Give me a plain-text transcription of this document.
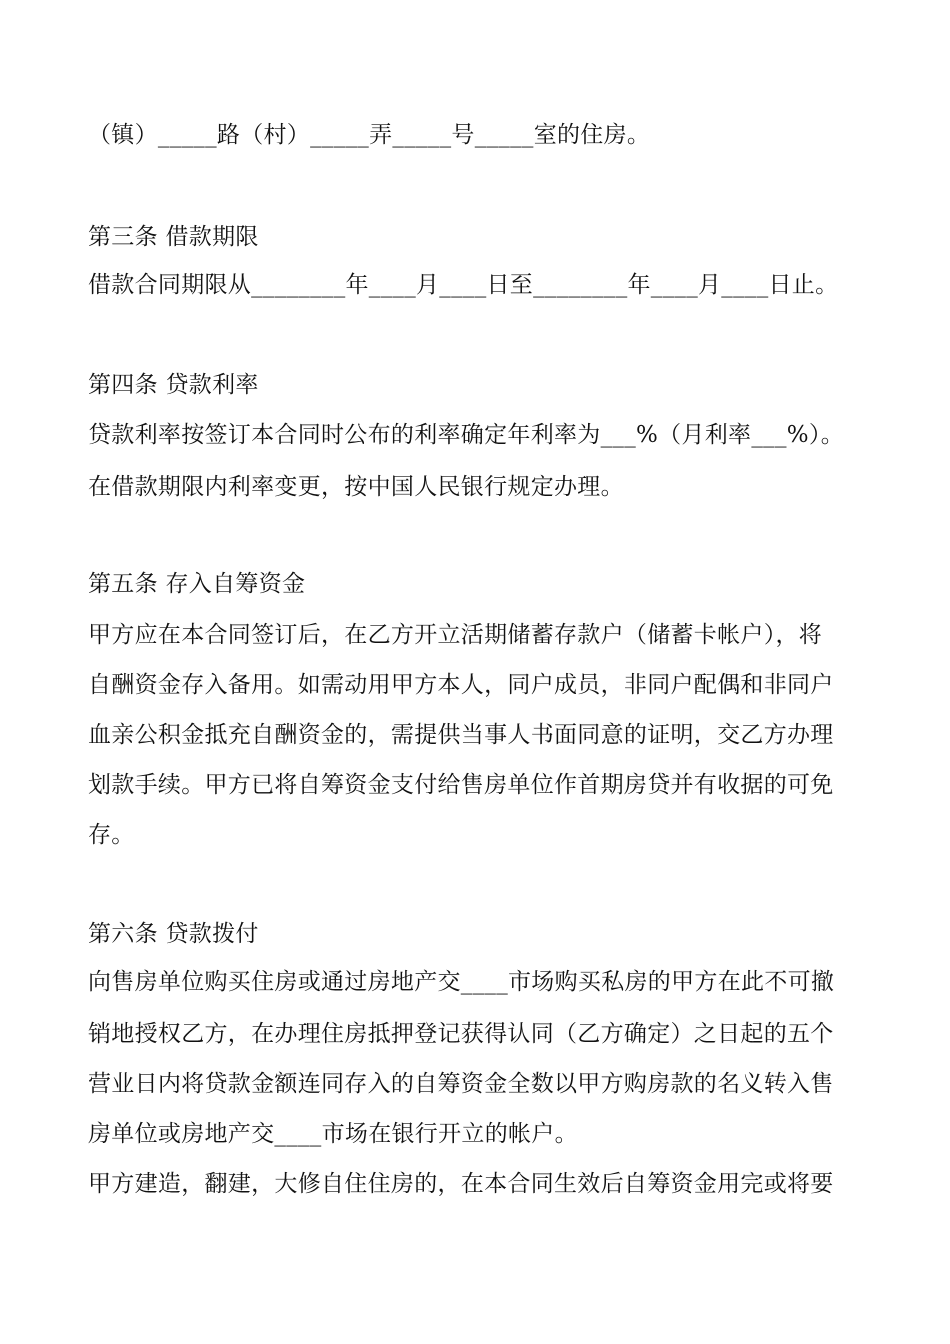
（镇）_____路（村）_____弄_____号_____室的住房。
第三条 借款期限
借款合同期限从________年____月____日至________年____月____日止。
第四条 贷款利率
贷款利率按签订本合同时公布的利率确定年利率为___%（月利率___%）。
在借款期限内利率变更，按中国人民银行规定办理。
第五条 存入自筹资金
甲方应在本合同签订后，在乙方开立活期储蓄存款户（储蓄卡帐户），将
自酬资金存入备用。如需动用甲方本人，同户成员，非同户配偶和非同户
血亲公积金抵充自酬资金的，需提供当事人书面同意的证明，交乙方办理
划款手续。甲方已将自筹资金支付给售房单位作首期房贷并有收据的可免
存。
第六条 贷款拨付
向售房单位购买住房或通过房地产交____市场购买私房的甲方在此不可撤
销地授权乙方，在办理住房抵押登记获得认同（乙方确定）之日起的五个
营业日内将贷款金额连同存入的自筹资金全数以甲方购房款的名义转入售
房单位或房地产交____市场在银行开立的帐户。
甲方建造，翻建，大修自住住房的，在本合同生效后自筹资金用完或将要
